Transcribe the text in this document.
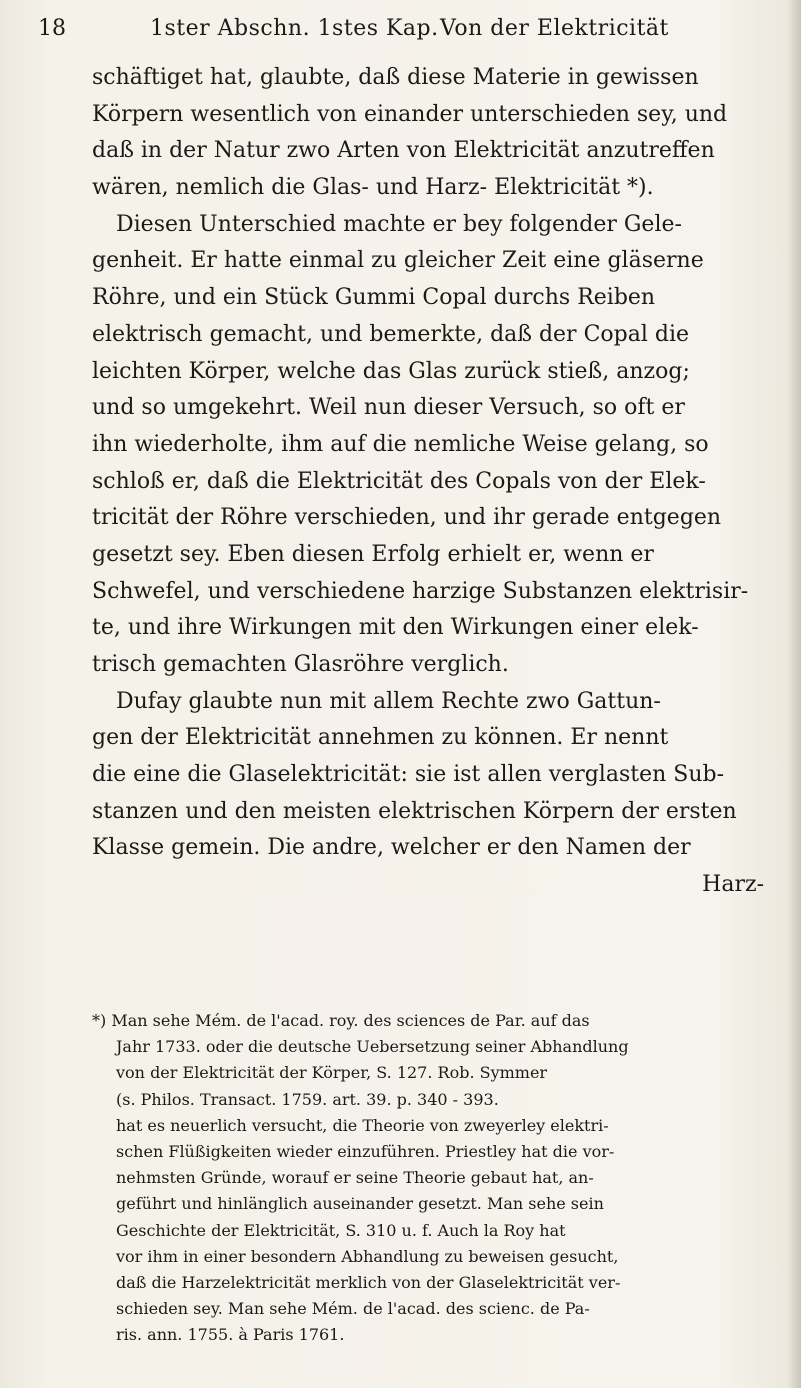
18	1ster Abschn. 1stes Kap. Von der Elektricität
schäftiget hat, glaubte, daß diese Materie in gewissen
Körpern wesentlich von einander unterschieden sey, und
daß in der Natur zwo Arten von Elektricität anzutreffen
wären, nemlich die Glas- und Harz- Elektricität *).
Diesen Unterschied machte er bey folgender Gele-
genheit. Er hatte einmal zu gleicher Zeit eine gläserne
Röhre, und ein Stück Gummi Copal durchs Reiben
elektrisch gemacht, und bemerkte, daß der Copal die
leichten Körper, welche das Glas zurück stieß, anzog;
und so umgekehrt. Weil nun dieser Versuch, so oft er
ihn wiederholte, ihm auf die nemliche Weise gelang, so
schloß er, daß die Elektricität des Copals von der Elek-
tricität der Röhre verschieden, und ihr gerade entgegen
gesetzt sey. Eben diesen Erfolg erhielt er, wenn er
Schwefel, und verschiedene harzige Substanzen elektrisir-
te, und ihre Wirkungen mit den Wirkungen einer elek-
trisch gemachten Glasröhre verglich.
Dufay glaubte nun mit allem Rechte zwo Gattun-
gen der Elektricität annehmen zu können. Er nennt
die eine die Glaselektricität: sie ist allen verglasten Sub-
stanzen und den meisten elektrischen Körpern der ersten
Klasse gemein. Die andre, welcher er den Namen der
Harz-
*) Man sehe Mém. de l'acad. roy. des sciences de Par. auf das
Jahr 1733. oder die deutsche Uebersetzung seiner Abhandlung
von der Elektricität der Körper, S. 127. Rob. Symmer
(s. Philos. Transact. 1759. art. 39. p. 340 - 393.
hat es neuerlich versucht, die Theorie von zweyerley elektri-
schen Flüßigkeiten wieder einzuführen. Priestley hat die vor-
nehmsten Gründe, worauf er seine Theorie gebaut hat, an-
geführt und hinlänglich auseinander gesetzt. Man sehe sein
Geschichte der Elektricität, S. 310 u. f. Auch la Roy hat
vor ihm in einer besondern Abhandlung zu beweisen gesucht,
daß die Harzelektricität merklich von der Glaselektricität ver-
schieden sey. Man sehe Mém. de l'acad. des scienc. de Pa-
ris. ann. 1755. à Paris 1761.
